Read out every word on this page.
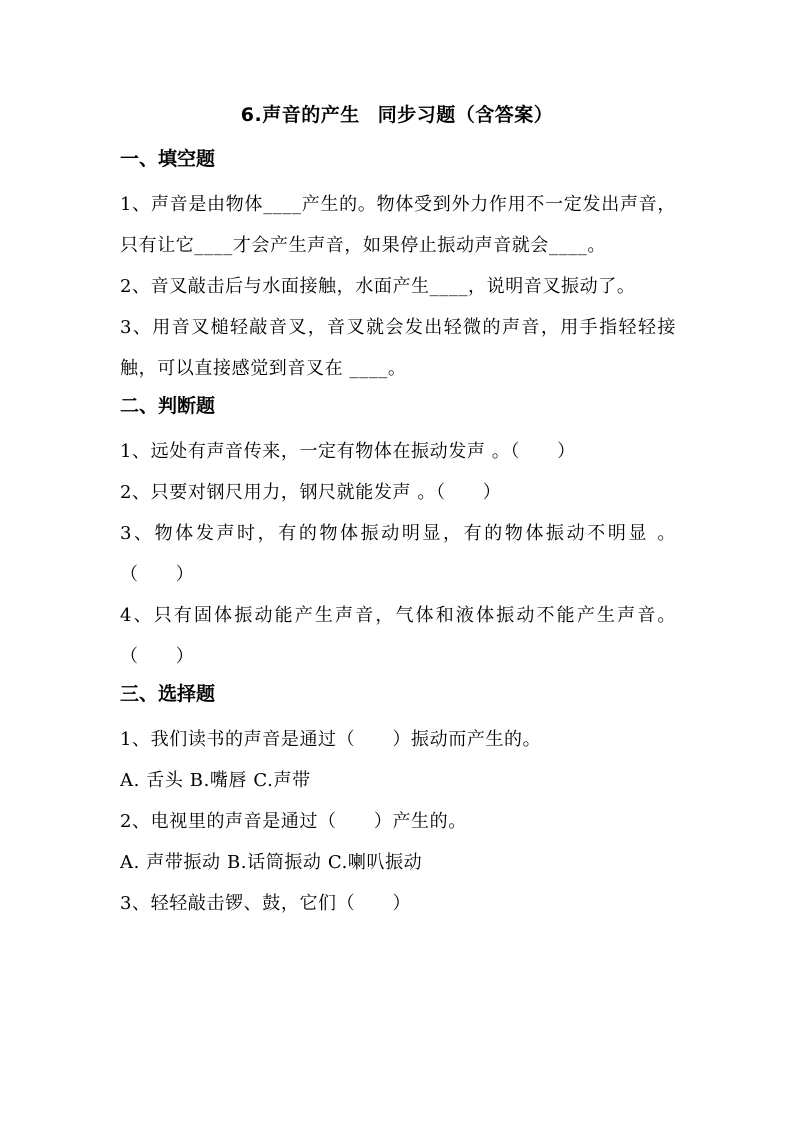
6.声音的产生 同步习题（含答案）
一、填空题
1、声音是由物体____产生的。物体受到外力作用不一定发出声音，只有让它____才会产生声音，如果停止振动声音就会____。
2、音叉敲击后与水面接触，水面产生____，说明音叉振动了。
3、用音叉槌轻敲音叉，音叉就会发出轻微的声音，用手指轻轻接触，可以直接感觉到音叉在 ____。
二、判断题
1、远处有声音传来，一定有物体在振动发声 。（　　）
2、只要对钢尺用力，钢尺就能发声 。（　　）
3、物体发声时，有的物体振动明显，有的物体振动不明显 。（　　）
4、只有固体振动能产生声音，气体和液体振动不能产生声音。（　　）
三、选择题
1、我们读书的声音是通过（　　）振动而产生的。
A. 舌头 B.嘴唇 C.声带
2、电视里的声音是通过（　　）产生的。
A. 声带振动 B.话筒振动 C.喇叭振动
3、轻轻敲击锣、鼓，它们（　　）
